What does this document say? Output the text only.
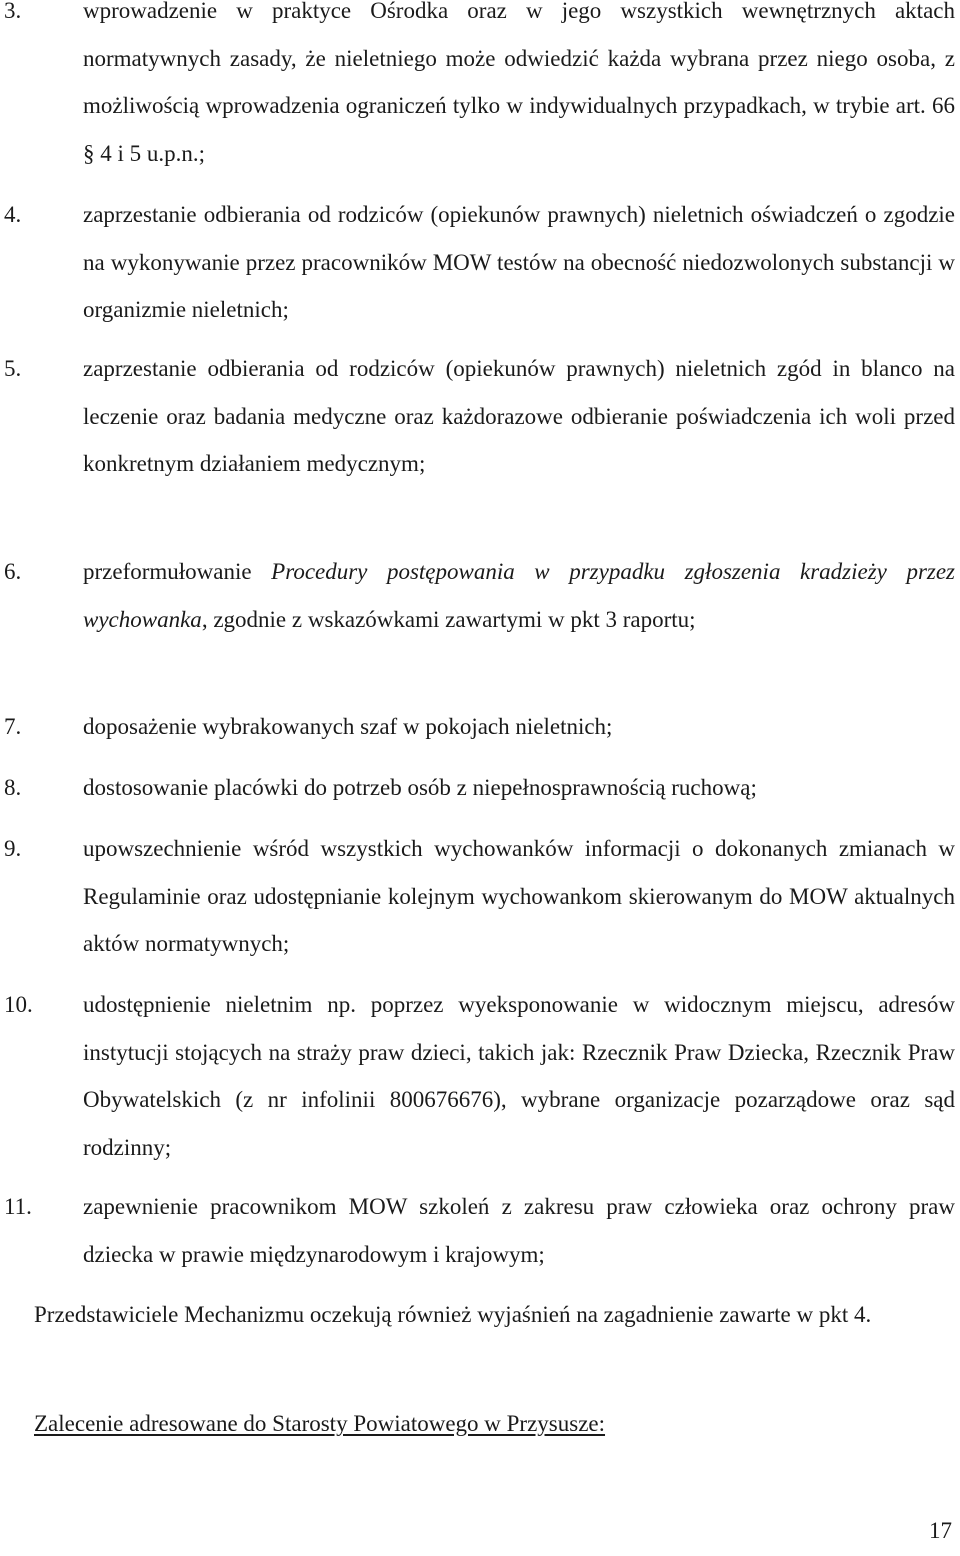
3.	wprowadzenie w praktyce Ośrodka oraz w jego wszystkich wewnętrznych aktach normatywnych zasady, że nieletniego może odwiedzić każda wybrana przez niego osoba, z możliwością wprowadzenia ograniczeń tylko w indywidualnych przypadkach, w trybie art. 66 § 4 i 5 u.p.n.;
4.	zaprzestanie odbierania od rodziców (opiekunów prawnych) nieletnich oświadczeń o zgodzie na wykonywanie przez pracowników MOW testów na obecność niedozwolonych substancji w organizmie nieletnich;
5.	zaprzestanie odbierania od rodziców (opiekunów prawnych) nieletnich zgód in blanco na leczenie oraz badania medyczne oraz każdorazowe odbieranie poświadczenia ich woli przed konkretnym działaniem medycznym;
6.	przeformułowanie Procedury postępowania w przypadku zgłoszenia kradzieży przez wychowanka, zgodnie z wskazówkami zawartymi w pkt 3 raportu;
7.	doposażenie wybrakowanych szaf w pokojach nieletnich;
8.	dostosowanie placówki do potrzeb osób z niepełnosprawnością ruchową;
9.	upowszechnienie wśród wszystkich wychowanków informacji o dokonanych zmianach w Regulaminie oraz udostępnianie kolejnym wychowankom skierowanym do MOW aktualnych aktów normatywnych;
10. udostępnienie nieletnim np. poprzez wyeksponowanie w widocznym miejscu, adresów instytucji stojących na straży praw dzieci, takich jak: Rzecznik Praw Dziecka, Rzecznik Praw Obywatelskich (z nr infolinii 800676676), wybrane organizacje pozarządowe oraz sąd rodzinny;
11. zapewnienie pracownikom MOW szkoleń z zakresu praw człowieka oraz ochrony praw dziecka w prawie międzynarodowym i krajowym;

Przedstawiciele Mechanizmu oczekują również wyjaśnień na zagadnienie zawarte w pkt 4.

Zalecenie adresowane do Starosty Powiatowego w Przysusze:

17
